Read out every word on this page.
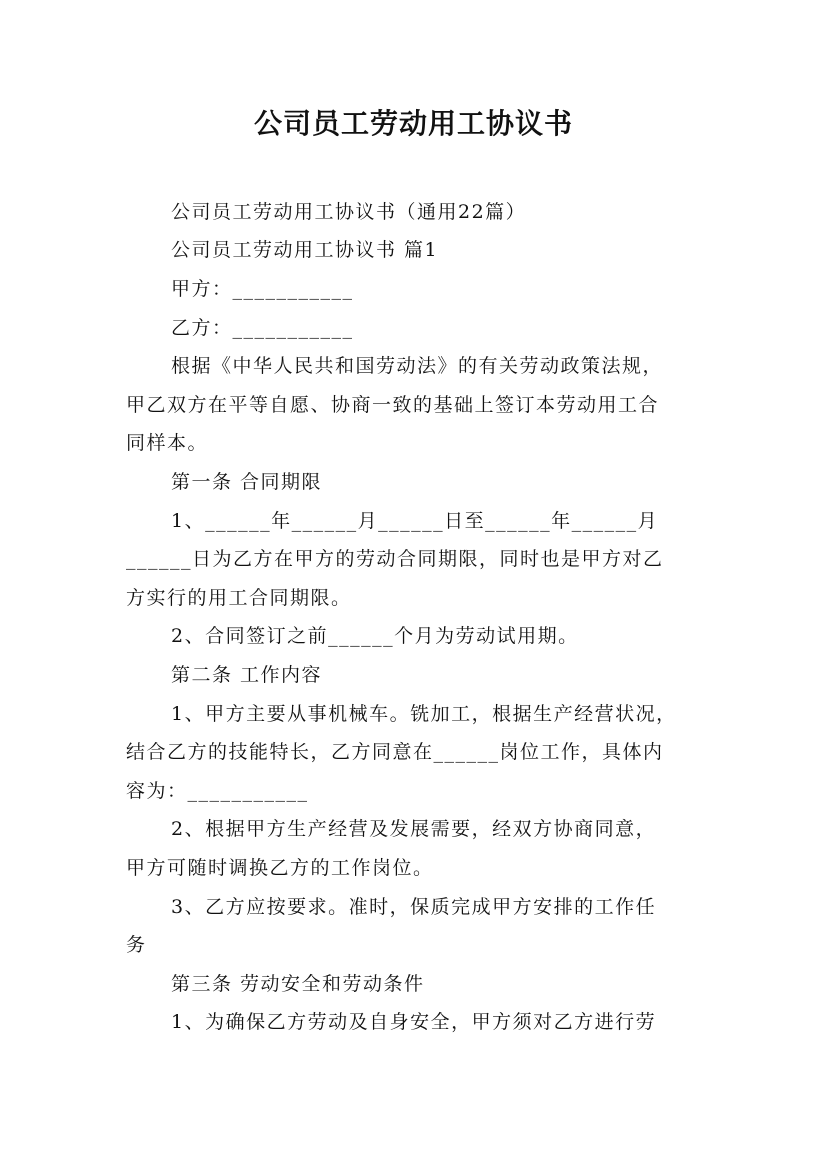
公司员工劳动用工协议书
公司员工劳动用工协议书（通用22篇）
公司员工劳动用工协议书 篇1
甲方：___________
乙方：___________
根据《中华人民共和国劳动法》的有关劳动政策法规，
甲乙双方在平等自愿、协商一致的基础上签订本劳动用工合
同样本。
第一条 合同期限
1、______年______月______日至______年______月
______日为乙方在甲方的劳动合同期限，同时也是甲方对乙
方实行的用工合同期限。
2、合同签订之前______个月为劳动试用期。
第二条 工作内容
1、甲方主要从事机械车。铣加工，根据生产经营状况，
结合乙方的技能特长，乙方同意在______岗位工作，具体内
容为：___________
2、根据甲方生产经营及发展需要，经双方协商同意，
甲方可随时调换乙方的工作岗位。
3、乙方应按要求。准时，保质完成甲方安排的工作任
务
第三条 劳动安全和劳动条件
1、为确保乙方劳动及自身安全，甲方须对乙方进行劳
